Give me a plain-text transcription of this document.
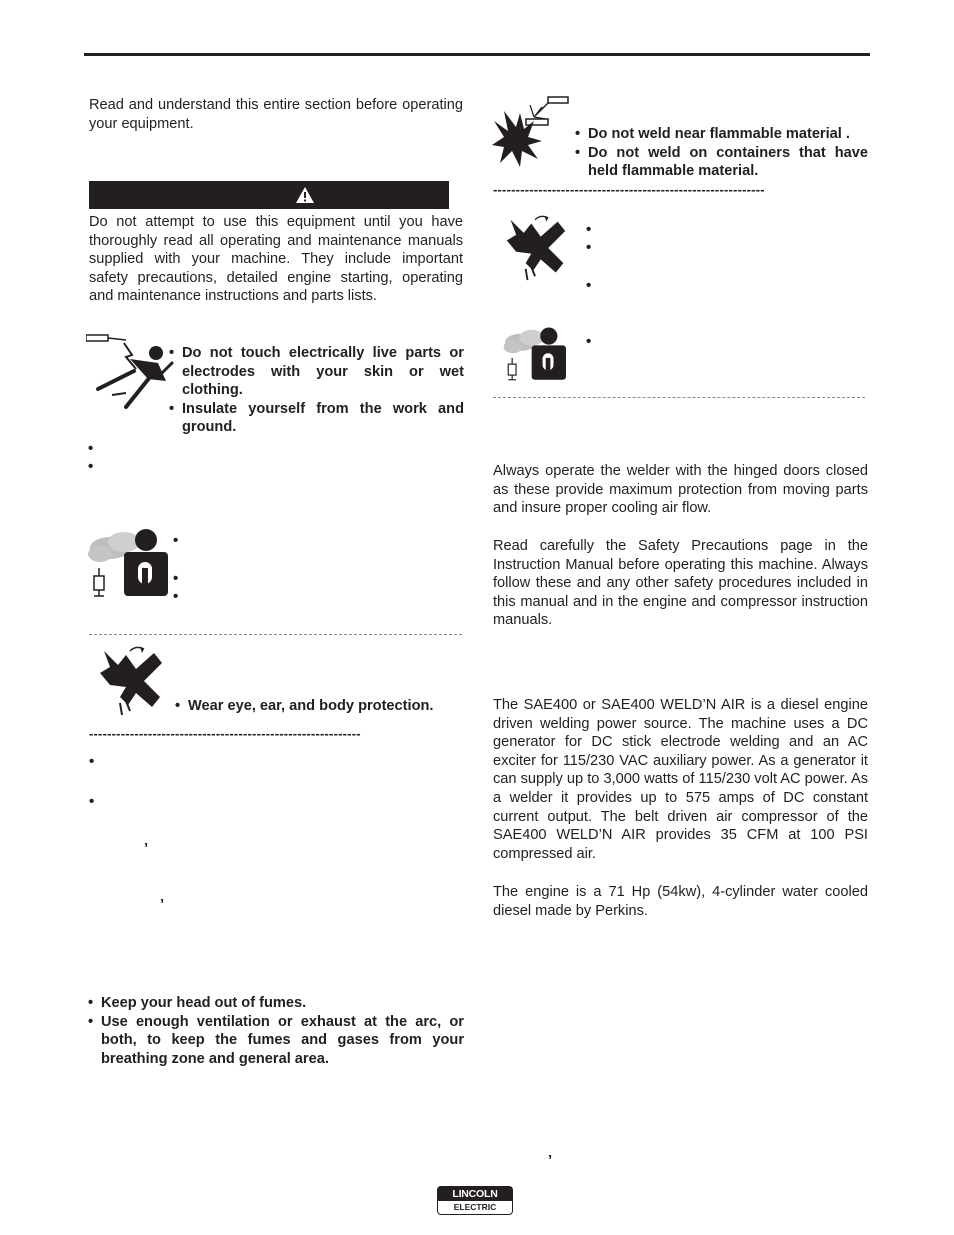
Read and understand this entire section before operating your equipment.

Do not attempt to use this equipment until you have thoroughly read all operating and maintenance manuals supplied with your machine. They include important safety precautions, detailed engine starting, operating and maintenance instructions and parts lists.

• Do not touch electrically live parts or electrodes with your skin or wet clothing.
• Insulate yourself from the work and ground.
•
•
•
•
•
• Wear eye, ear, and body protection.
------------------------------------------------------------
•
•
’
’
• Keep your head out of fumes.
• Use enough ventilation or exhaust at the arc, or both, to keep the fumes and gases from your breathing zone and general area.
• Do not weld near flammable material .
• Do not weld on containers that have held flammable material.
------------------------------------------------------------
•
•
•
•

Always operate the welder with the hinged doors closed as these provide maximum protection from moving parts and insure proper cooling air flow.

Read carefully the Safety Precautions page in the Instruction Manual before operating this machine. Always follow these and any other safety procedures included in this manual and in the engine and compressor instruction manuals.

The SAE400 or SAE400 WELD’N AIR is a diesel engine driven welding power source. The machine uses a DC generator for DC stick electrode welding and an AC exciter for 115/230 VAC auxiliary power. As a generator it can supply up to 3,000 watts of 115/230 volt AC power. As a welder it provides up to 575 amps of DC constant current output. The belt driven air compressor of the SAE400 WELD’N AIR provides 35 CFM at 100 PSI compressed air.

The engine is a 71 Hp (54kw), 4-cylinder water cooled diesel made by Perkins.

’
LINCOLN
ELECTRIC
®
